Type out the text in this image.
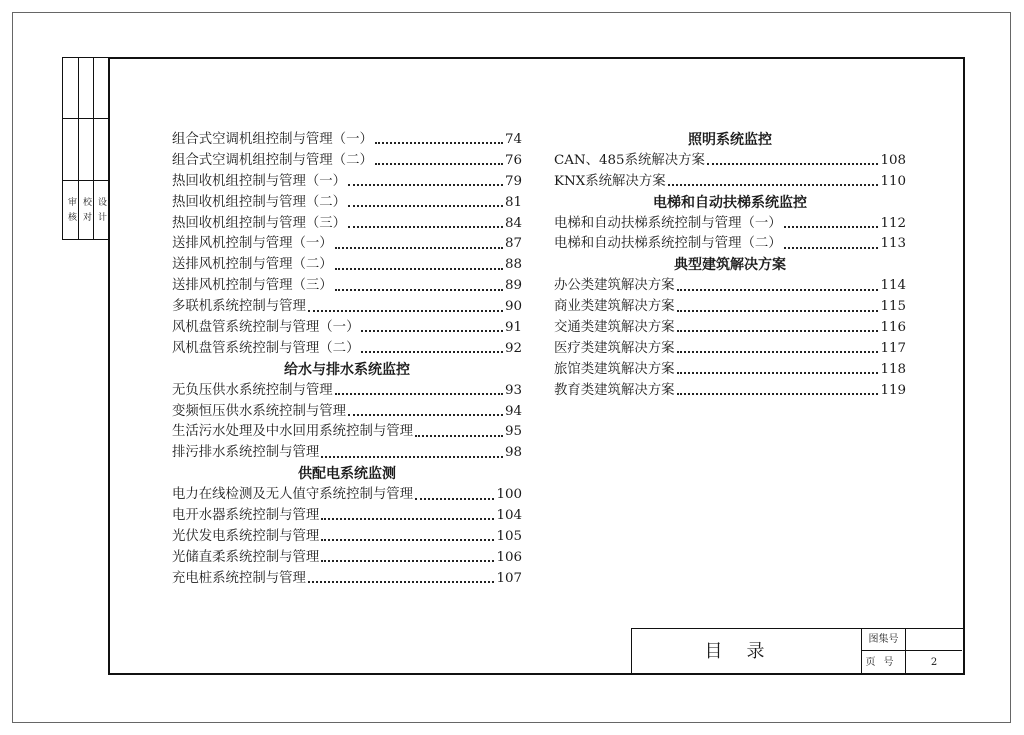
审核 校对 设计
组合式空调机组控制与管理（一）	74
组合式空调机组控制与管理（二）	76
热回收机组控制与管理（一）	79
热回收机组控制与管理（二）	81
热回收机组控制与管理（三）	84
送排风机控制与管理（一）	87
送排风机控制与管理（二）	88
送排风机控制与管理（三）	89
多联机系统控制与管理	90
风机盘管系统控制与管理（一）	91
风机盘管系统控制与管理（二）	92
给水与排水系统监控
无负压供水系统控制与管理	93
变频恒压供水系统控制与管理	94
生活污水处理及中水回用系统控制与管理	95
排污排水系统控制与管理	98
供配电系统监测
电力在线检测及无人值守系统控制与管理	100
电开水器系统控制与管理	104
光伏发电系统控制与管理	105
光储直柔系统控制与管理	106
充电桩系统控制与管理	107
照明系统监控
CAN、485系统解决方案	108
KNX系统解决方案	110
电梯和自动扶梯系统监控
电梯和自动扶梯系统控制与管理（一）	112
电梯和自动扶梯系统控制与管理（二）	113
典型建筑解决方案
办公类建筑解决方案	114
商业类建筑解决方案	115
交通类建筑解决方案	116
医疗类建筑解决方案	117
旅馆类建筑解决方案	118
教育类建筑解决方案	119
目录
图集号
页号	2
